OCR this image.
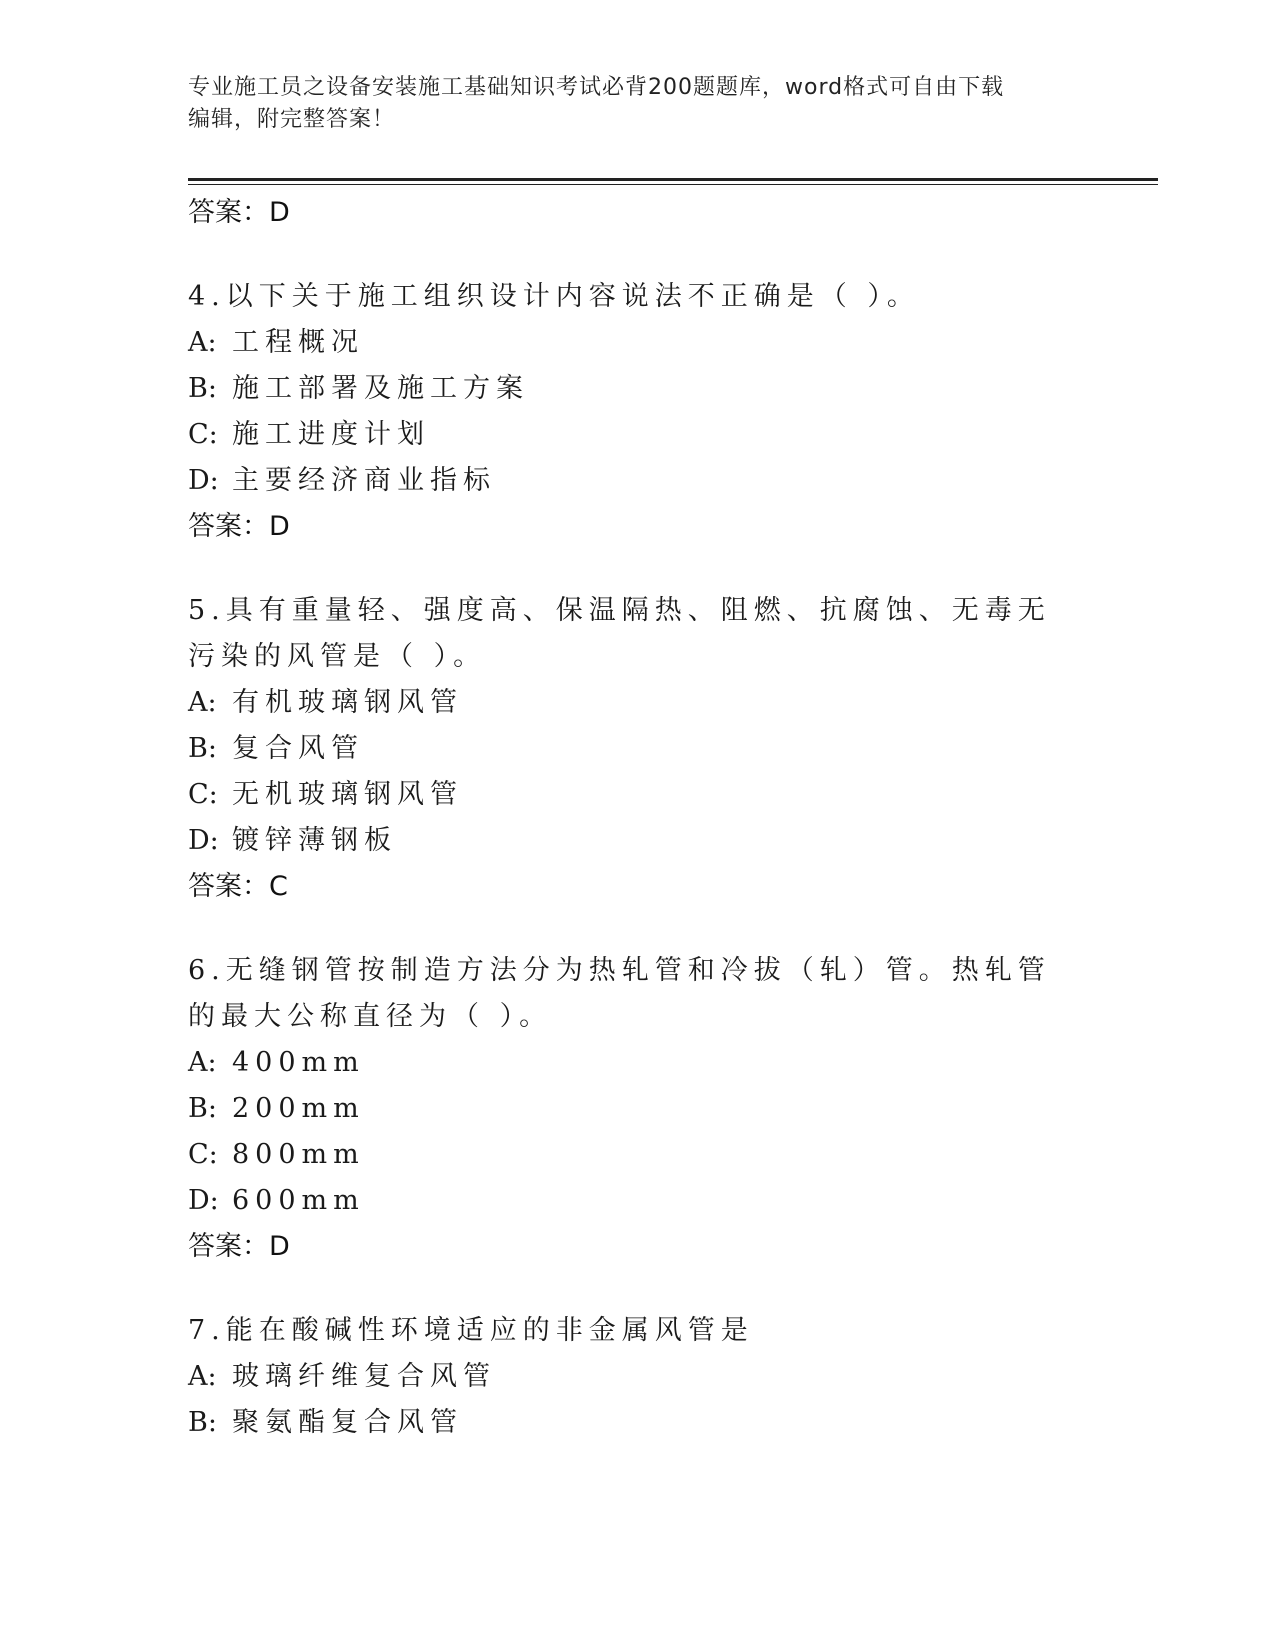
专业施工员之设备安装施工基础知识考试必背200题题库，word格式可自由下载
编辑，附完整答案！
答案：D

4.以下关于施工组织设计内容说法不正确是（ ）。

A: 工程概况
B: 施工部署及施工方案
C: 施工进度计划
D: 主要经济商业指标
答案：D

5.具有重量轻、强度高、保温隔热、阻燃、抗腐蚀、无毒无污染的风管是（ ）。

A: 有机玻璃钢风管
B: 复合风管
C: 无机玻璃钢风管
D: 镀锌薄钢板
答案：C

6.无缝钢管按制造方法分为热轧管和冷拔（轧）管。热轧管的最大公称直径为（ ）。

A: 400mm
B: 200mm
C: 800mm
D: 600mm
答案：D

7.能在酸碱性环境适应的非金属风管是

A: 玻璃纤维复合风管
B: 聚氨酯复合风管
